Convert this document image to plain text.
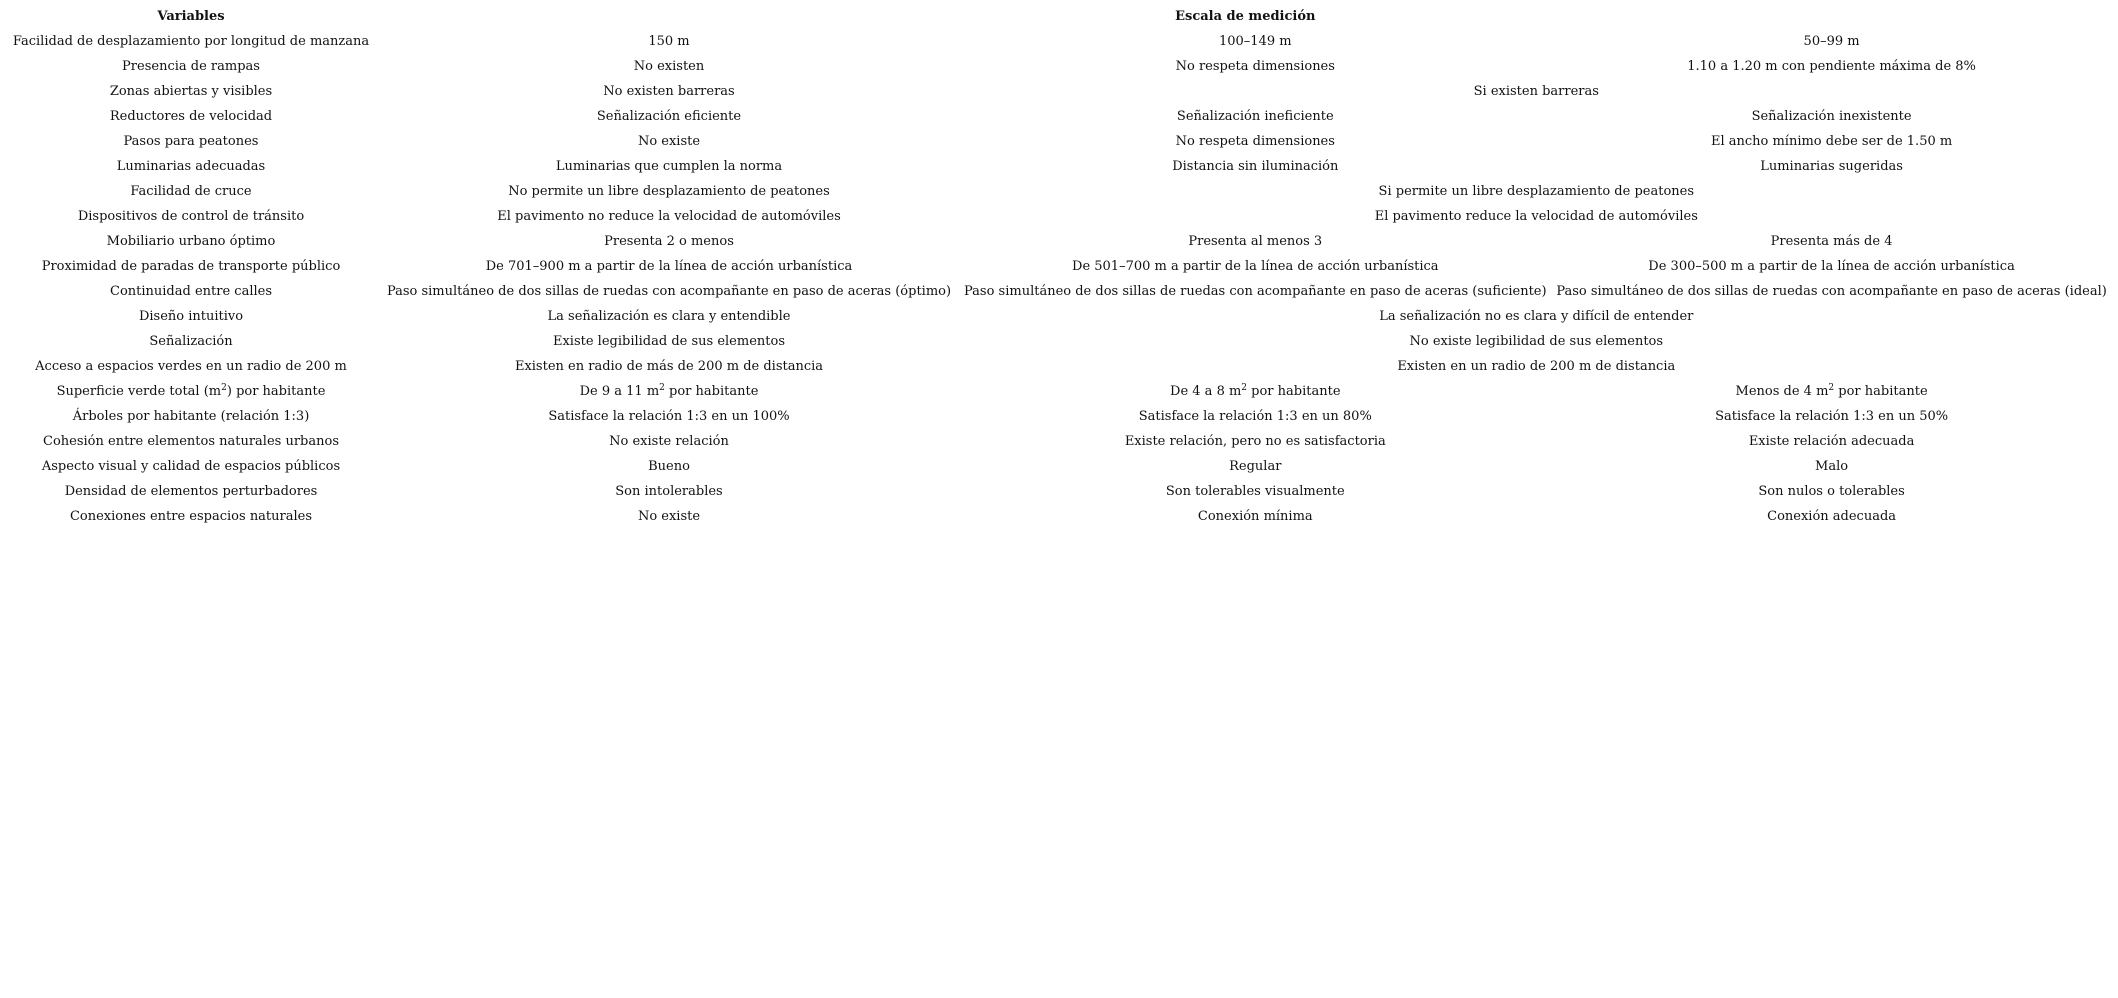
Variables	Escala de medición		
Facilidad de desplazamiento por longitud de manzana	150 m	100–149 m	50–99 m
Presencia de rampas	No existen	No respeta dimensiones	1.10 a 1.20 m con pendiente máxima de 8%
Zonas abiertas y visibles	No existen barreras	Si existen barreras	
Reductores de velocidad	Señalización eficiente	Señalización ineficiente	Señalización inexistente
Pasos para peatones	No existe	No respeta dimensiones	El ancho mínimo debe ser de 1.50 m
Luminarias adecuadas	Luminarias que cumplen la norma	Distancia sin iluminación	Luminarias sugeridas
Facilidad de cruce	No permite un libre desplazamiento de peatones	Si permite un libre desplazamiento de peatones	
Dispositivos de control de tránsito	El pavimento no reduce la velocidad de automóviles	El pavimento reduce la velocidad de automóviles	
Mobiliario urbano óptimo	Presenta 2 o menos	Presenta al menos 3	Presenta más de 4
Proximidad de paradas de transporte público	De 701–900 m a partir de la línea de acción urbanística	De 501–700 m a partir de la línea de acción urbanística	De 300–500 m a partir de la línea de acción urbanística
Continuidad entre calles	Paso simultáneo de dos sillas de ruedas con acompañante en paso de aceras (óptimo)	Paso simultáneo de dos sillas de ruedas con acompañante en paso de aceras (suficiente)	Paso simultáneo de dos sillas de ruedas con acompañante en paso de aceras (ideal)
Diseño intuitivo	La señalización es clara y entendible	La señalización no es clara y difícil de entender	
Señalización	Existe legibilidad de sus elementos	No existe legibilidad de sus elementos	
Acceso a espacios verdes en un radio de 200 m	Existen en radio de más de 200 m de distancia	Existen en un radio de 200 m de distancia	
Superficie verde total $(m^2)$ por habitante	De 9 a 11 $m^2$ por habitante	De 4 a 8 $m^2$ por habitante	Menos de 4 $m^2$ por habitante
Árboles por habitante (relación 1:3)	Satisface la relación 1:3 en un 100%	Satisface la relación 1:3 en un 80%	Satisface la relación 1:3 en un 50%
Cohesión entre elementos naturales urbanos	No existe relación	Existe relación, pero no es satisfactoria	Existe relación adecuada
Aspecto visual y calidad de espacios públicos	Bueno	Regular	Malo
Densidad de elementos perturbadores	Son intolerables	Son tolerables visualmente	Son nulos o tolerables
Conexiones entre espacios naturales	No existe	Conexión mínima	Conexión adecuada
